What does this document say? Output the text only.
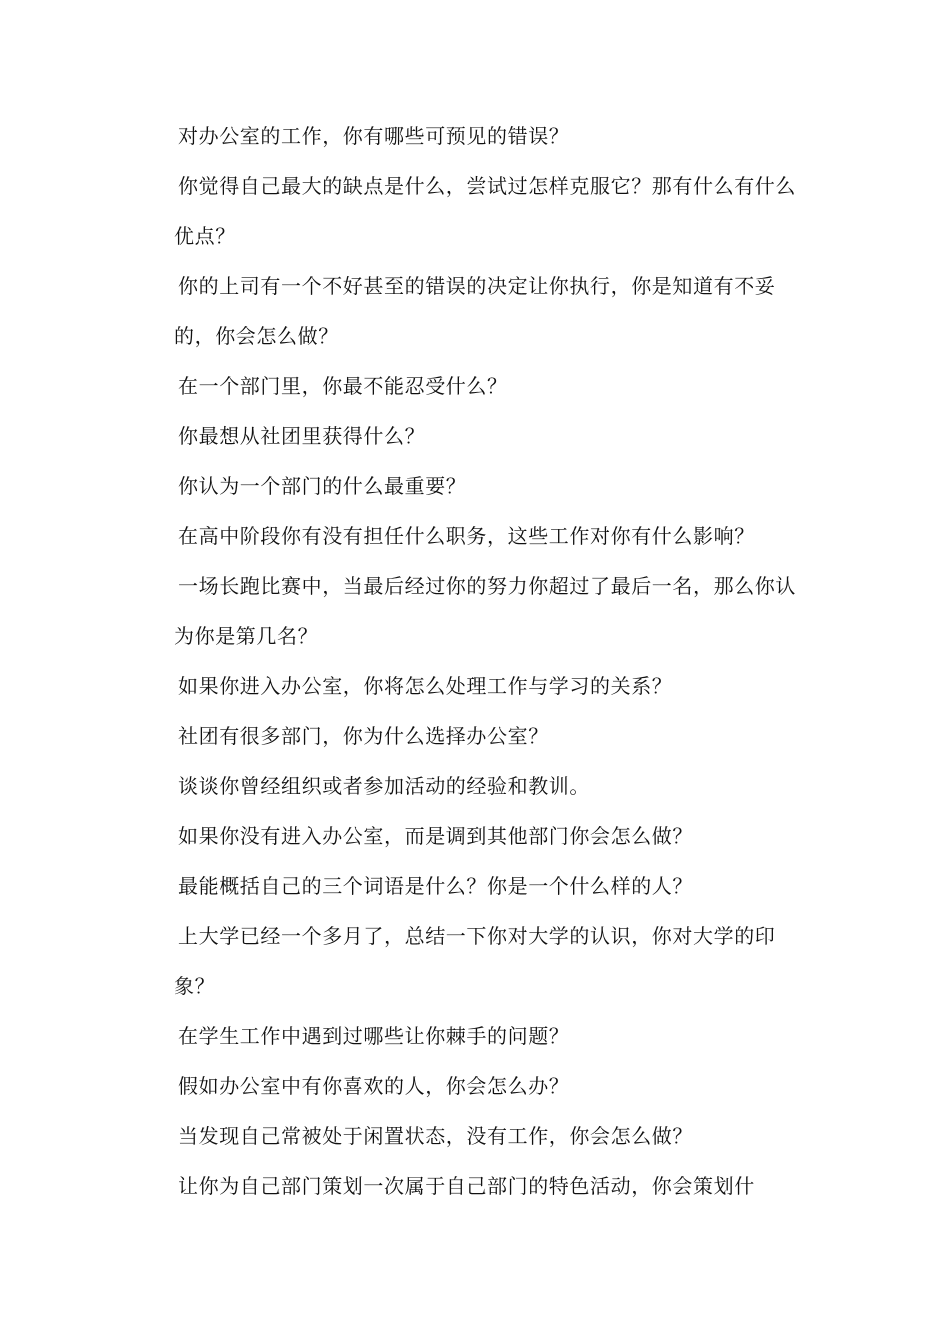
对办公室的工作，你有哪些可预见的错误？

你觉得自己最大的缺点是什么，尝试过怎样克服它？那有什么有什么优点？

你的上司有一个不好甚至的错误的决定让你执行，你是知道有不妥的，你会怎么做？

在一个部门里，你最不能忍受什么？

你最想从社团里获得什么？

你认为一个部门的什么最重要？

在高中阶段你有没有担任什么职务，这些工作对你有什么影响？

一场长跑比赛中，当最后经过你的努力你超过了最后一名，那么你认为你是第几名？

如果你进入办公室，你将怎么处理工作与学习的关系？

社团有很多部门，你为什么选择办公室？

谈谈你曾经组织或者参加活动的经验和教训。

如果你没有进入办公室，而是调到其他部门你会怎么做？

最能概括自己的三个词语是什么？你是一个什么样的人？

上大学已经一个多月了，总结一下你对大学的认识，你对大学的印象？

在学生工作中遇到过哪些让你棘手的问题？

假如办公室中有你喜欢的人，你会怎么办？

当发现自己常被处于闲置状态，没有工作，你会怎么做？

让你为自己部门策划一次属于自己部门的特色活动，你会策划什
